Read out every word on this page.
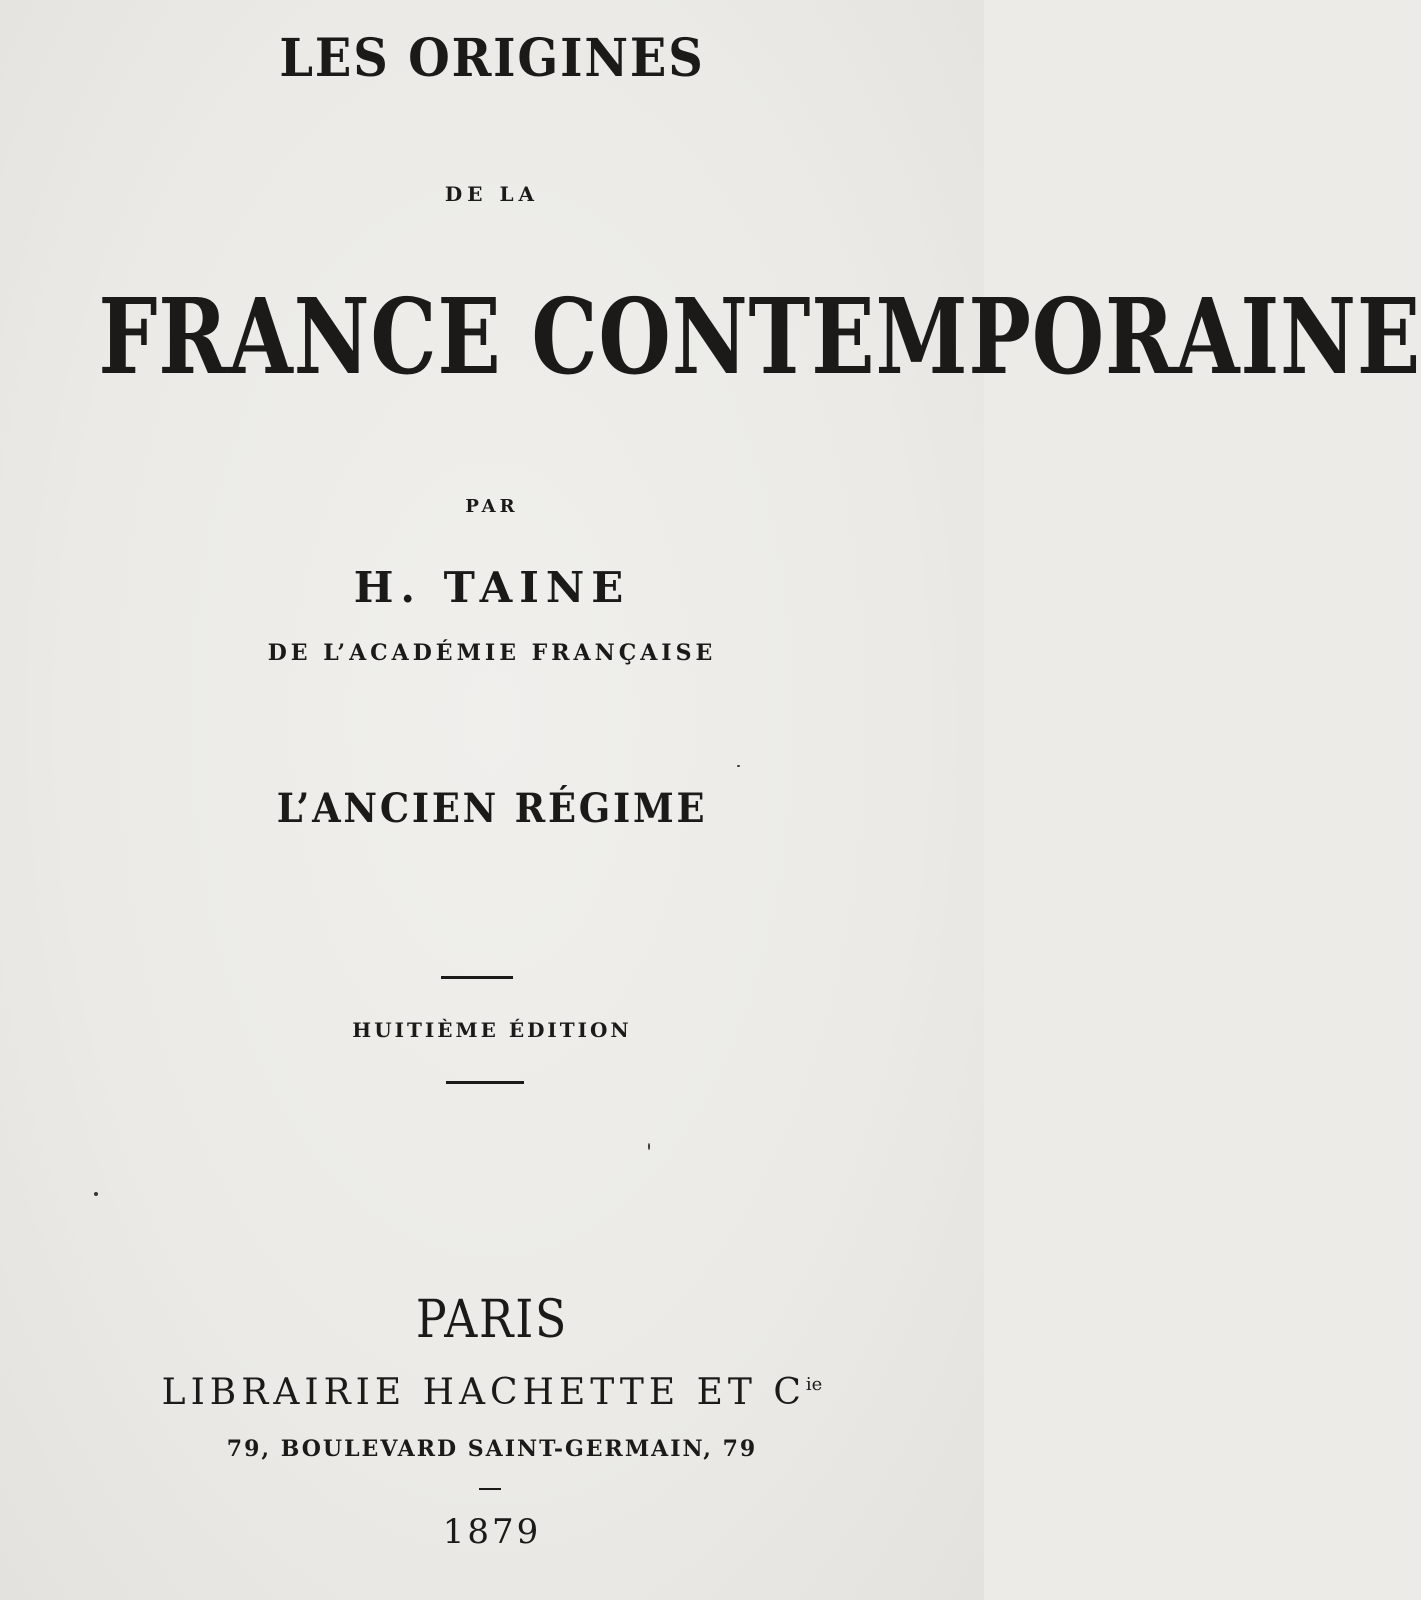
LES ORIGINES
DE LA
FRANCE CONTEMPORAINE
PAR
H. TAINE
DE L’ACADÉMIE FRANÇAISE
L’ANCIEN RÉGIME
HUITIÈME ÉDITION
PARIS
LIBRAIRIE HACHETTE ET $C^{ie}$
79, BOULEVARD SAINT-GERMAIN, 79
1879
